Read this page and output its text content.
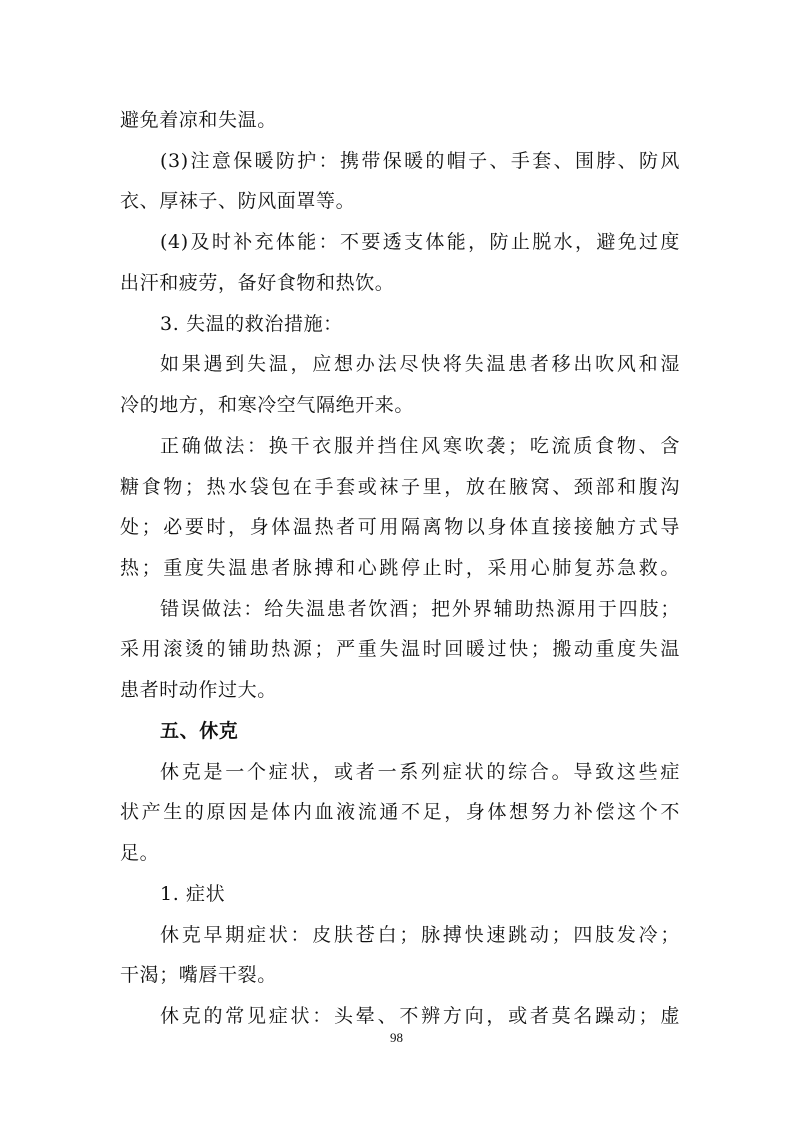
避免着凉和失温。

(3)注意保暖防护：携带保暖的帽子、手套、围脖、防风

衣、厚袜子、防风面罩等。

(4)及时补充体能：不要透支体能，防止脱水，避免过度

出汗和疲劳，备好食物和热饮。

3. 失温的救治措施：

如果遇到失温，应想办法尽快将失温患者移出吹风和湿

冷的地方，和寒冷空气隔绝开来。

正确做法：换干衣服并挡住风寒吹袭；吃流质食物、含

糖食物；热水袋包在手套或袜子里，放在腋窝、颈部和腹沟

处；必要时，身体温热者可用隔离物以身体直接接触方式导

热；重度失温患者脉搏和心跳停止时，采用心肺复苏急救。

错误做法：给失温患者饮酒；把外界辅助热源用于四肢；

采用滚烫的铺助热源；严重失温时回暖过快；搬动重度失温

患者时动作过大。

五、休克

休克是一个症状，或者一系列症状的综合。导致这些症

状产生的原因是体内血液流通不足，身体想努力补偿这个不

足。

1. 症状

休克早期症状：皮肤苍白；脉搏快速跳动；四肢发冷；

干渴；嘴唇干裂。

休克的常见症状：头晕、不辨方向，或者莫名躁动；虚

98
